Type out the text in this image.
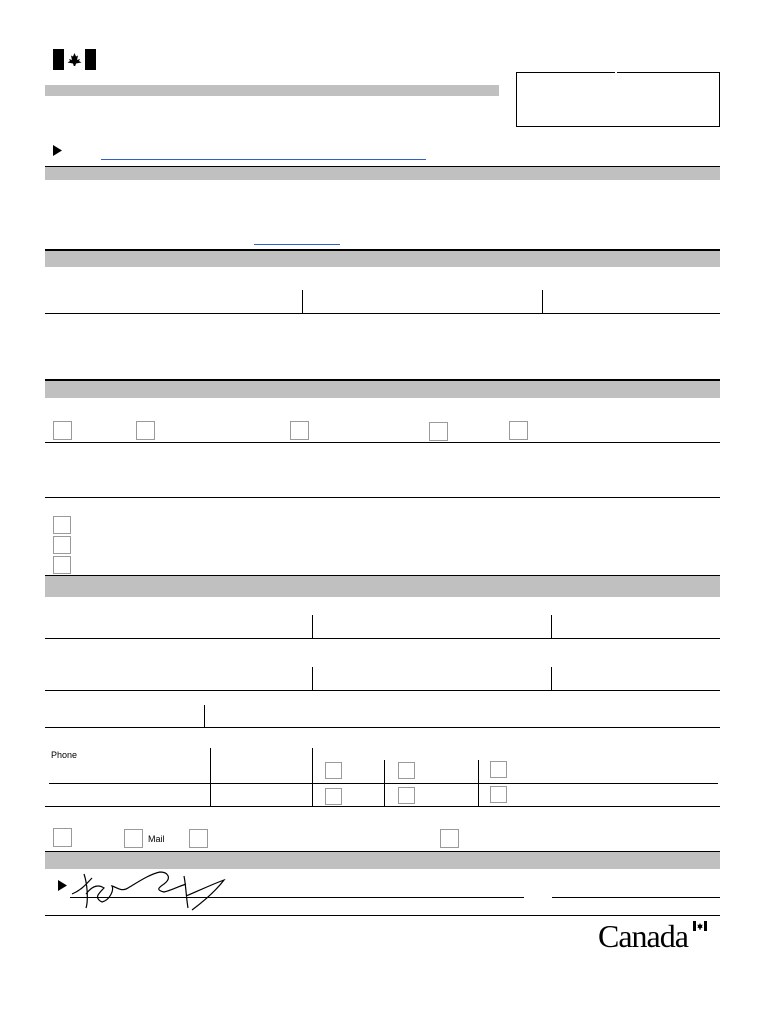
Phone
Mail
Canada
